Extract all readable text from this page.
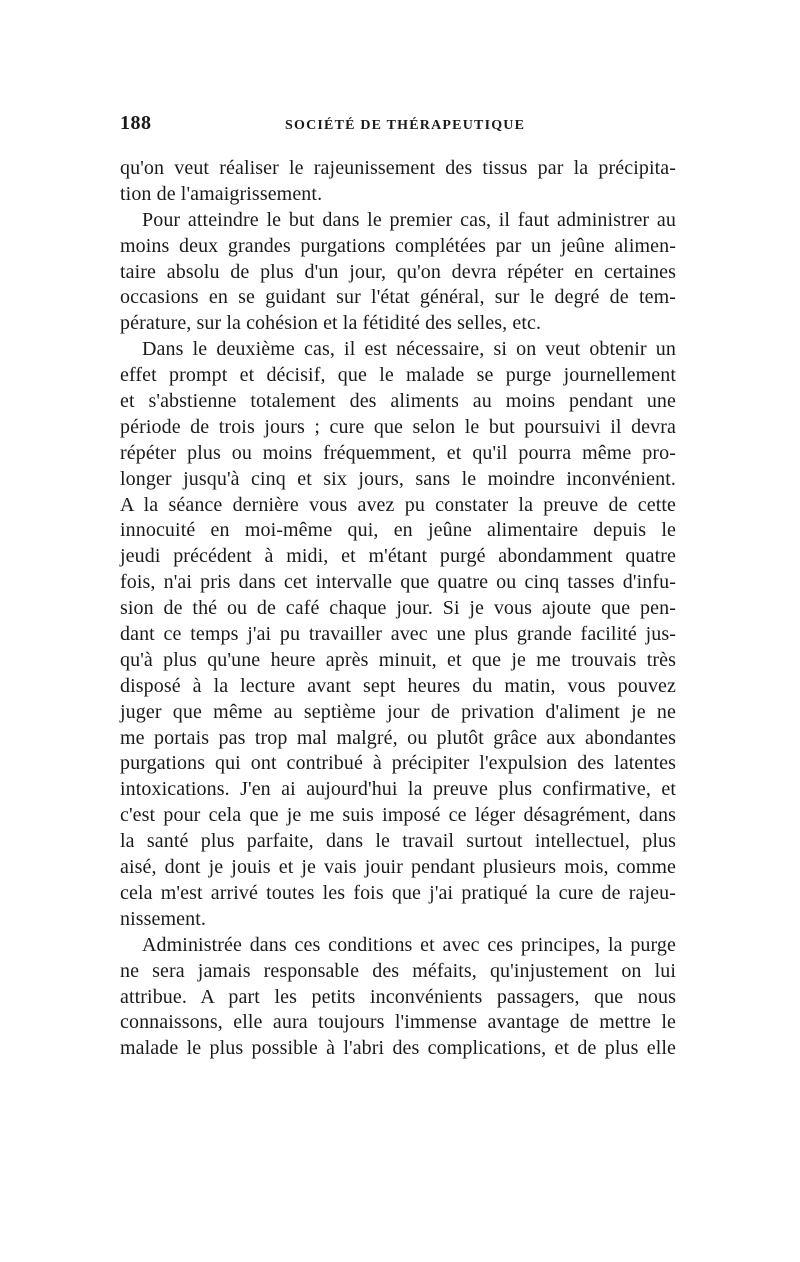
188	SOCIÉTÉ DE THÉRAPEUTIQUE
qu'on veut réaliser le rajeunissement des tissus par la précipita-
tion de l'amaigrissement.
Pour atteindre le but dans le premier cas, il faut administrer au
moins deux grandes purgations complétées par un jeûne alimen-
taire absolu de plus d'un jour, qu'on devra répéter en certaines
occasions en se guidant sur l'état général, sur le degré de tem-
pérature, sur la cohésion et la fétidité des selles, etc.
Dans le deuxième cas, il est nécessaire, si on veut obtenir un
effet prompt et décisif, que le malade se purge journellement
et s'abstienne totalement des aliments au moins pendant une
période de trois jours ; cure que selon le but poursuivi il devra
répéter plus ou moins fréquemment, et qu'il pourra même pro-
longer jusqu'à cinq et six jours, sans le moindre inconvénient.
A la séance dernière vous avez pu constater la preuve de cette
innocuité en moi-même qui, en jeûne alimentaire depuis le
jeudi précédent à midi, et m'étant purgé abondamment quatre
fois, n'ai pris dans cet intervalle que quatre ou cinq tasses d'infu-
sion de thé ou de café chaque jour. Si je vous ajoute que pen-
dant ce temps j'ai pu travailler avec une plus grande facilité jus-
qu'à plus qu'une heure après minuit, et que je me trouvais très
disposé à la lecture avant sept heures du matin, vous pouvez
juger que même au septième jour de privation d'aliment je ne
me portais pas trop mal malgré, ou plutôt grâce aux abondantes
purgations qui ont contribué à précipiter l'expulsion des latentes
intoxications. J'en ai aujourd'hui la preuve plus confirmative, et
c'est pour cela que je me suis imposé ce léger désagrément, dans
la santé plus parfaite, dans le travail surtout intellectuel, plus
aisé, dont je jouis et je vais jouir pendant plusieurs mois, comme
cela m'est arrivé toutes les fois que j'ai pratiqué la cure de rajeu-
nissement.
Administrée dans ces conditions et avec ces principes, la purge
ne sera jamais responsable des méfaits, qu'injustement on lui
attribue. A part les petits inconvénients passagers, que nous
connaissons, elle aura toujours l'immense avantage de mettre le
malade le plus possible à l'abri des complications, et de plus elle
